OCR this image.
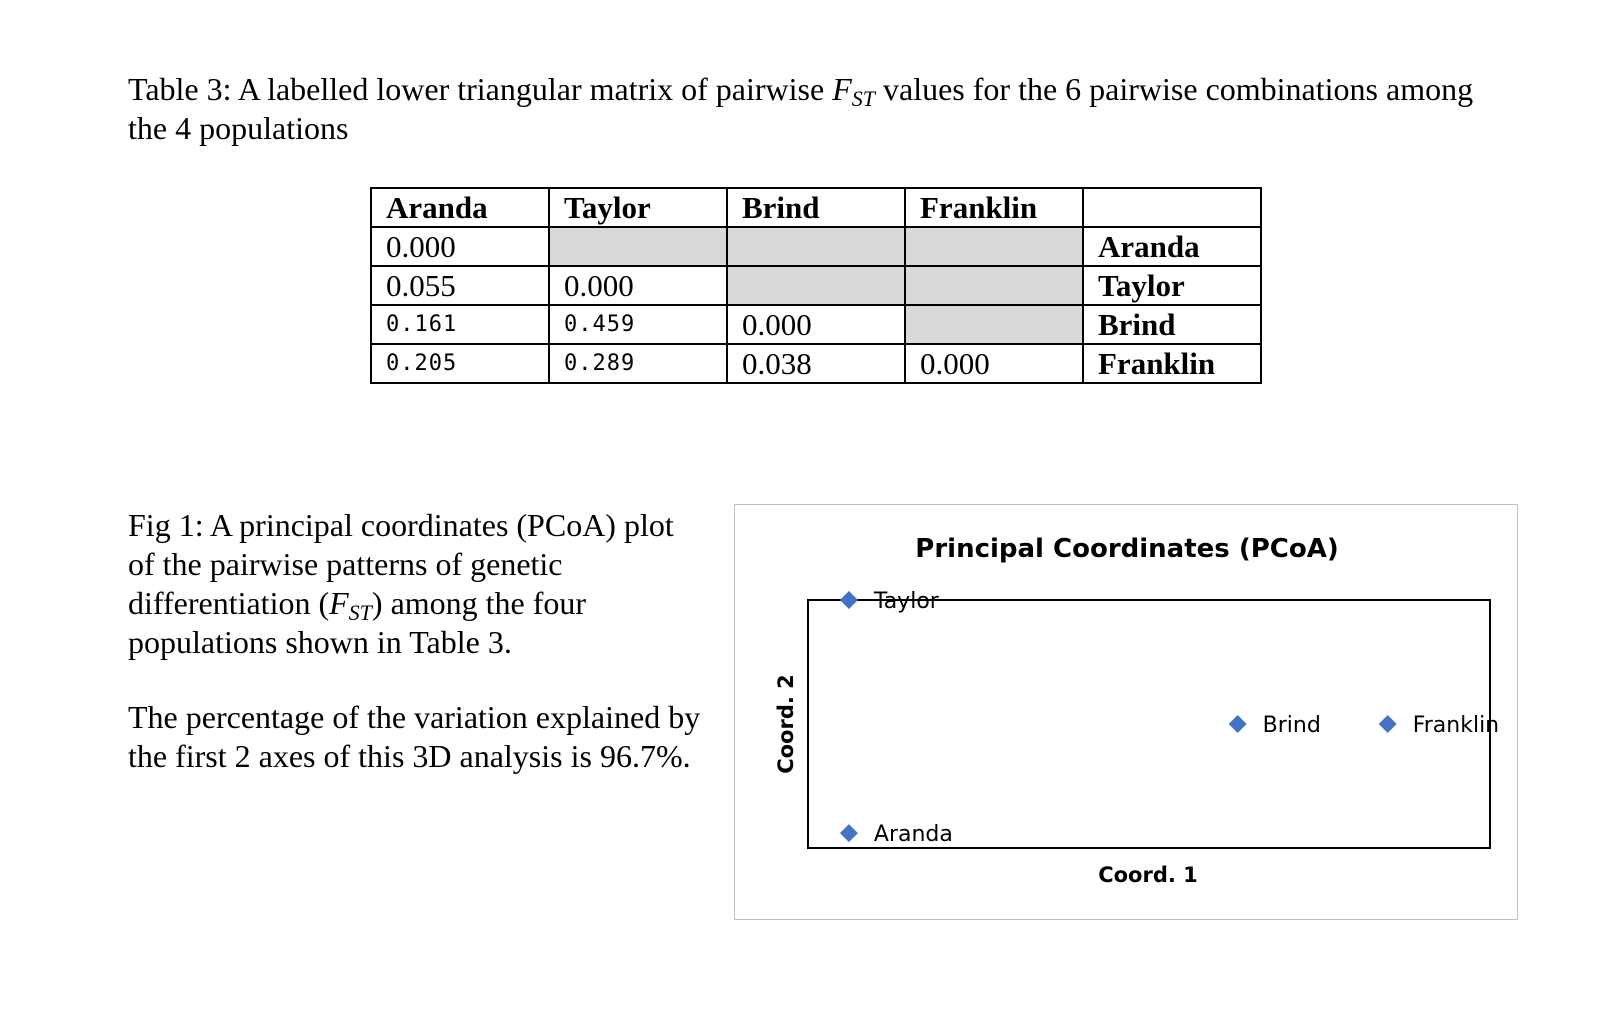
Table 3: A labelled lower triangular matrix of pairwise $F_{ST}$ values for the 6 pairwise combinations among the 4 populations
Aranda	Taylor	Brind	Franklin	
0.000				Aranda
0.055	0.000			Taylor
0.161	0.459	0.000		Brind
0.205	0.289	0.038	0.000	Franklin
Fig 1: A principal coordinates (PCoA) plot of the pairwise patterns of genetic differentiation $(F_{ST})$ among the four populations shown in Table 3.
The percentage of the variation explained by the first 2 axes of this 3D analysis is 96.7%.
Principal Coordinates (PCoA)
Coord. 1
Coord. 2
Taylor
Brind	Franklin
Aranda
